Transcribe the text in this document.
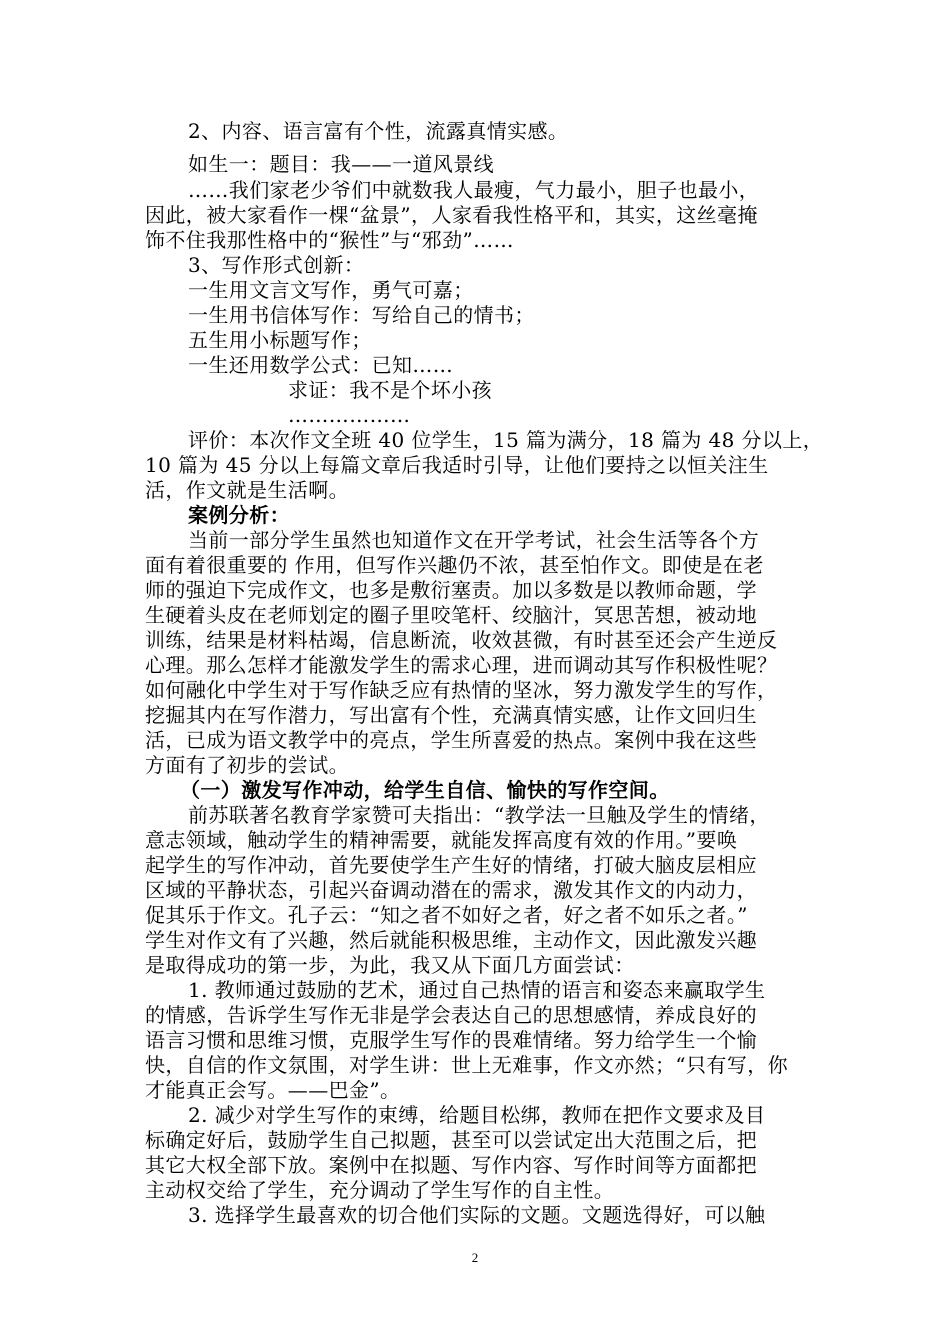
2、内容、语言富有个性，流露真情实感。
如生一：题目：我——一道风景线
……我们家老少爷们中就数我人最瘦，气力最小，胆子也最小，
因此，被大家看作一棵“盆景”，人家看我性格平和，其实，这丝毫掩
饰不住我那性格中的“猴性”与“邪劲”……
3、写作形式创新：
一生用文言文写作，勇气可嘉；
一生用书信体写作：写给自己的情书；
五生用小标题写作；
一生还用数学公式：已知……
求证：我不是个坏小孩
………………
评价：本次作文全班 40 位学生，15 篇为满分，18 篇为 48 分以上，
10 篇为 45 分以上每篇文章后我适时引导，让他们要持之以恒关注生
活，作文就是生活啊。
案例分析：
当前一部分学生虽然也知道作文在开学考试，社会生活等各个方
面有着很重要的 作用，但写作兴趣仍不浓，甚至怕作文。即使是在老
师的强迫下完成作文，也多是敷衍塞责。加以多数是以教师命题，学
生硬着头皮在老师划定的圈子里咬笔杆、绞脑汁，冥思苦想，被动地
训练，结果是材料枯竭，信息断流，收效甚微，有时甚至还会产生逆反
心理。那么怎样才能激发学生的需求心理，进而调动其写作积极性呢？
如何融化中学生对于写作缺乏应有热情的坚冰，努力激发学生的写作，
挖掘其内在写作潜力，写出富有个性，充满真情实感，让作文回归生
活，已成为语文教学中的亮点，学生所喜爱的热点。案例中我在这些
方面有了初步的尝试。
（一）激发写作冲动，给学生自信、愉快的写作空间。
前苏联著名教育学家赞可夫指出：“教学法一旦触及学生的情绪，
意志领域，触动学生的精神需要，就能发挥高度有效的作用。”要唤
起学生的写作冲动，首先要使学生产生好的情绪，打破大脑皮层相应
区域的平静状态，引起兴奋调动潜在的需求，激发其作文的内动力，
促其乐于作文。孔子云：“知之者不如好之者，好之者不如乐之者。”
学生对作文有了兴趣，然后就能积极思维，主动作文，因此激发兴趣
是取得成功的第一步，为此，我又从下面几方面尝试：
1. 教师通过鼓励的艺术，通过自己热情的语言和姿态来赢取学生
的情感，告诉学生写作无非是学会表达自己的思想感情，养成良好的
语言习惯和思维习惯，克服学生写作的畏难情绪。努力给学生一个愉
快，自信的作文氛围，对学生讲：世上无难事，作文亦然；“只有写，你
才能真正会写。——巴金”。
2. 减少对学生写作的束缚，给题目松绑，教师在把作文要求及目
标确定好后，鼓励学生自己拟题，甚至可以尝试定出大范围之后，把
其它大权全部下放。案例中在拟题、写作内容、写作时间等方面都把
主动权交给了学生，充分调动了学生写作的自主性。
3. 选择学生最喜欢的切合他们实际的文题。文题选得好，可以触
2
